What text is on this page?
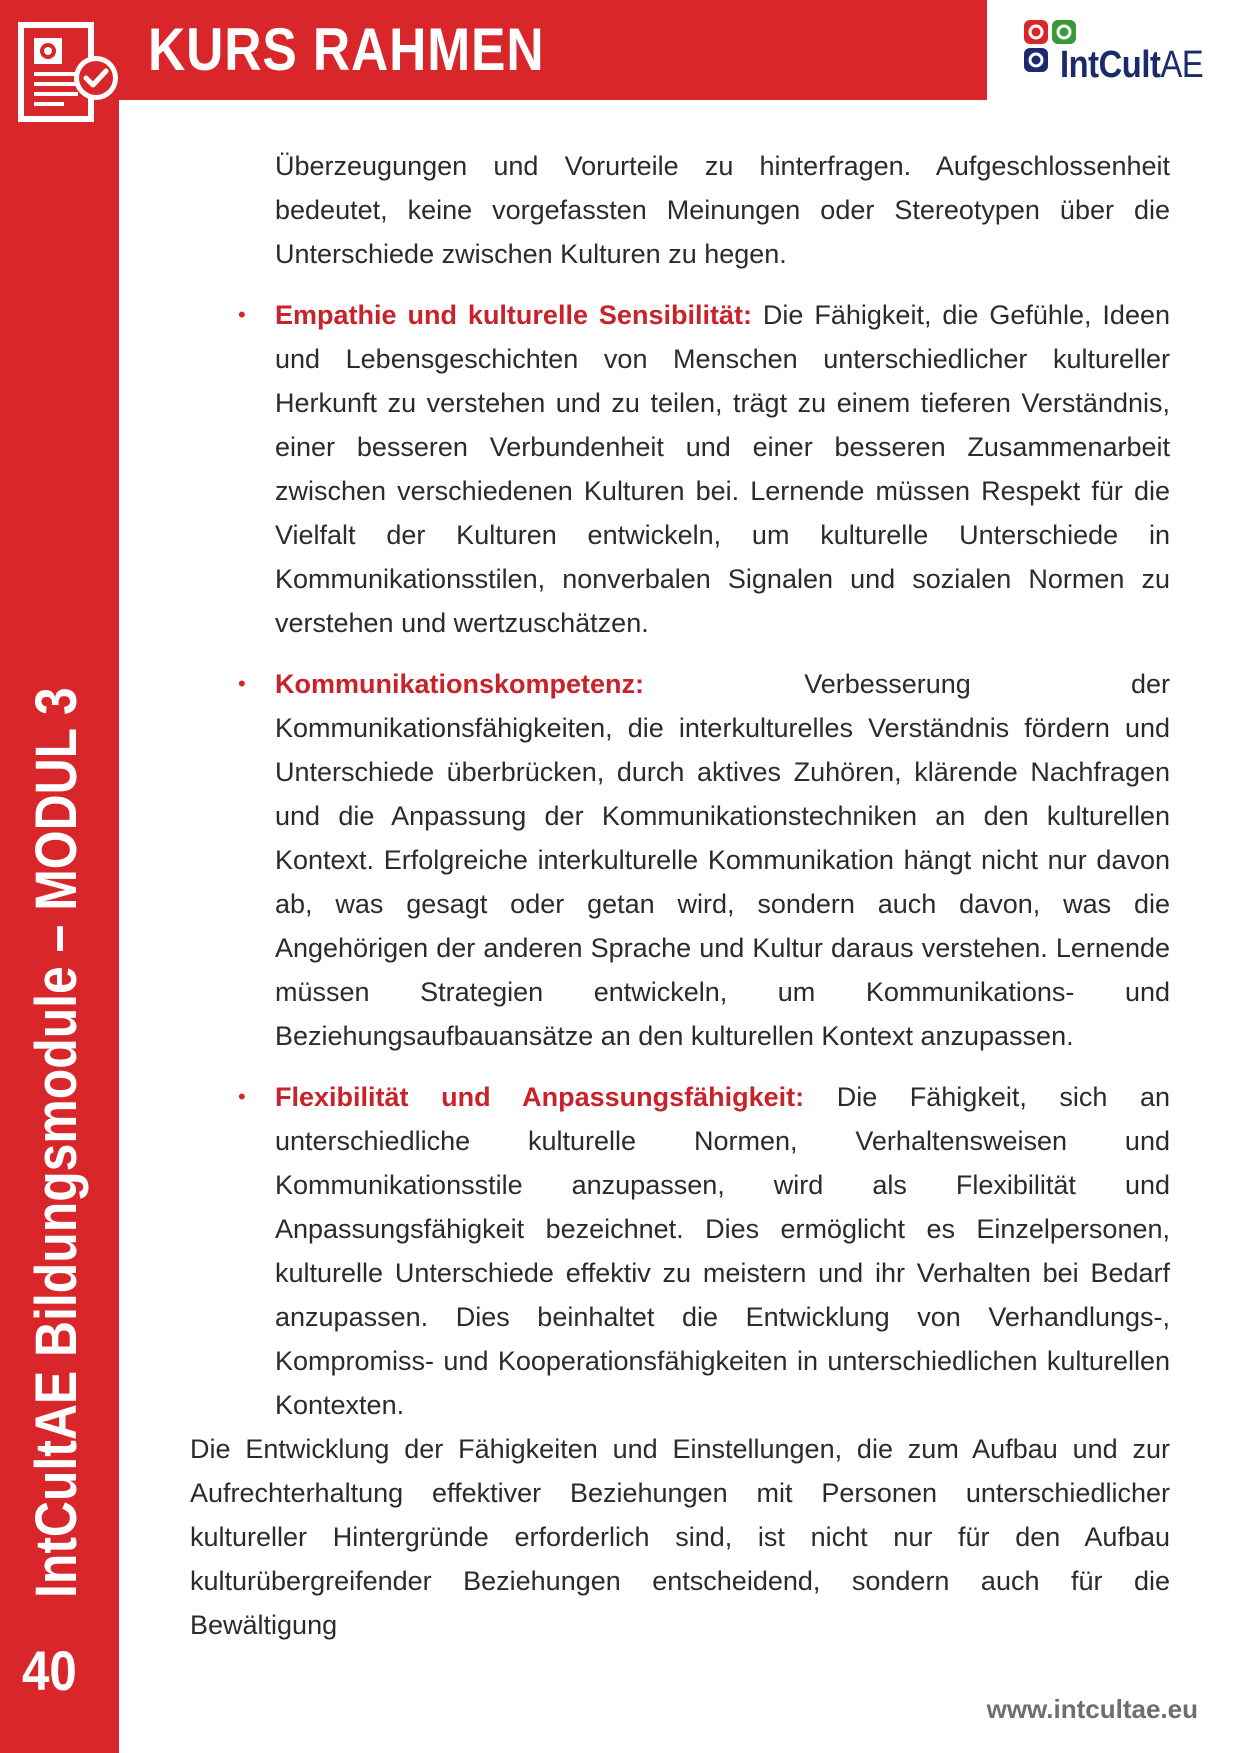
KURS RAHMEN	IntCultAE
IntCultAE Bildungsmodule – MODUL 3
40

Überzeugungen und Vorurteile zu hinterfragen. Aufgeschlossenheit bedeutet, keine vorgefassten Meinungen oder Stereotypen über die Unterschiede zwischen Kulturen zu hegen.

• Empathie und kulturelle Sensibilität: Die Fähigkeit, die Gefühle, Ideen und Lebensgeschichten von Menschen unterschiedlicher kultureller Herkunft zu verstehen und zu teilen, trägt zu einem tieferen Verständnis, einer besseren Verbundenheit und einer besseren Zusammenarbeit zwischen verschiedenen Kulturen bei. Lernende müssen Respekt für die Vielfalt der Kulturen entwickeln, um kulturelle Unterschiede in Kommunikationsstilen, nonverbalen Signalen und sozialen Normen zu verstehen und wertzuschätzen.
• Kommunikationskompetenz: Verbesserung der Kommunikationsfähigkeiten, die interkulturelles Verständnis fördern und Unterschiede überbrücken, durch aktives Zuhören, klärende Nachfragen und die Anpassung der Kommunikationstechniken an den kulturellen Kontext. Erfolgreiche interkulturelle Kommunikation hängt nicht nur davon ab, was gesagt oder getan wird, sondern auch davon, was die Angehörigen der anderen Sprache und Kultur daraus verstehen. Lernende müssen Strategien entwickeln, um Kommunikations- und Beziehungsaufbauansätze an den kulturellen Kontext anzupassen.
• Flexibilität und Anpassungsfähigkeit: Die Fähigkeit, sich an unterschiedliche kulturelle Normen, Verhaltensweisen und Kommunikationsstile anzupassen, wird als Flexibilität und Anpassungsfähigkeit bezeichnet. Dies ermöglicht es Einzelpersonen, kulturelle Unterschiede effektiv zu meistern und ihr Verhalten bei Bedarf anzupassen. Dies beinhaltet die Entwicklung von Verhandlungs-, Kompromiss- und Kooperationsfähigkeiten in unterschiedlichen kulturellen Kontexten.

Die Entwicklung der Fähigkeiten und Einstellungen, die zum Aufbau und zur Aufrechterhaltung effektiver Beziehungen mit Personen unterschiedlicher kultureller Hintergründe erforderlich sind, ist nicht nur für den Aufbau kulturübergreifender Beziehungen entscheidend, sondern auch für die Bewältigung

www.intcultae.eu
